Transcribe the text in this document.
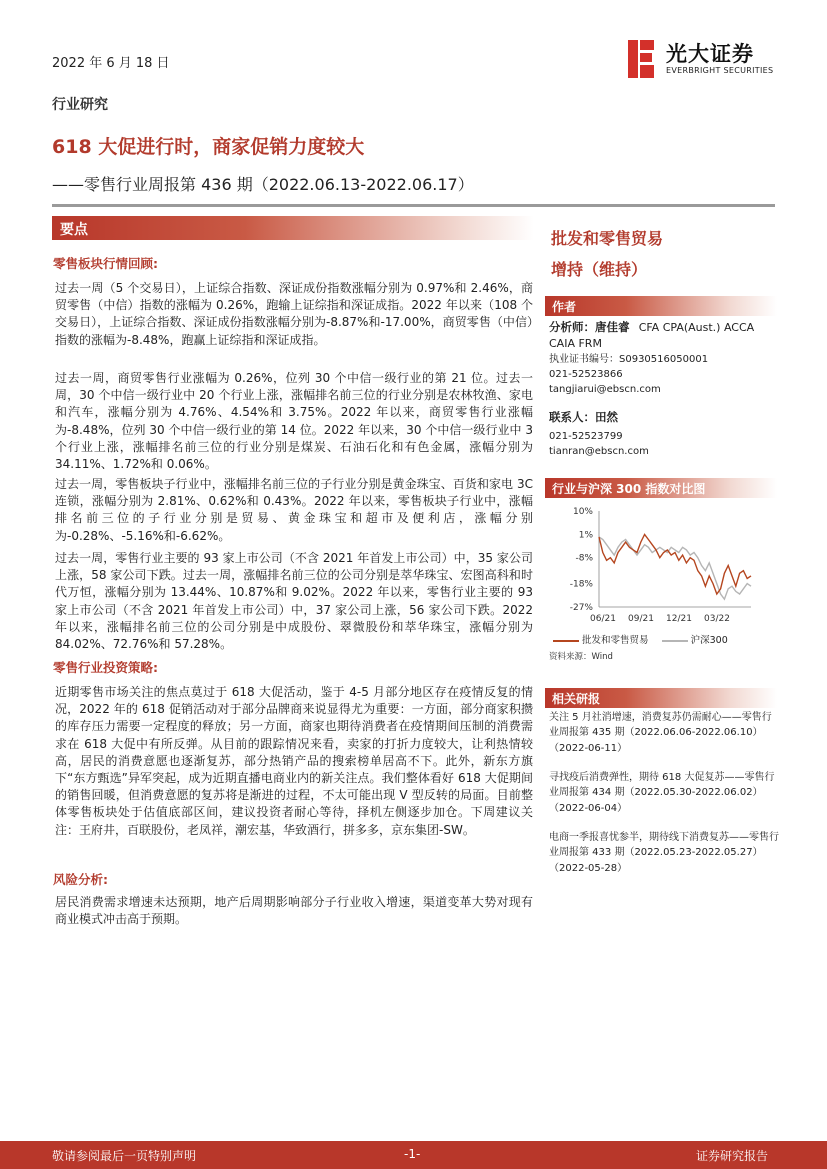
2022 年 6 月 18 日	光大证券
EVERBRIGHT SECURITIES
行业研究
618 大促进行时，商家促销力度较大
——零售行业周报第 436 期（2022.06.13-2022.06.17）
要点
零售板块行情回顾:

过去一周（5 个交易日），上证综合指数、深证成份指数涨幅分别为 0.97%和 2.46%，商贸零售（中信）指数的涨幅为 0.26%，跑输上证综指和深证成指。2022 年以来（108 个交易日），上证综合指数、深证成份指数涨幅分别为-8.87%和-17.00%，商贸零售（中信）指数的涨幅为-8.48%，跑赢上证综指和深证成指。

过去一周，商贸零售行业涨幅为 0.26%，位列 30 个中信一级行业的第 21 位。过去一周，30 个中信一级行业中 20 个行业上涨，涨幅排名前三位的行业分别是农林牧渔、家电和汽车，涨幅分别为 4.76%、4.54%和 3.75%。2022 年以来，商贸零售行业涨幅为-8.48%，位列 30 个中信一级行业的第 14 位。2022 年以来，30 个中信一级行业中 3 个行业上涨，涨幅排名前三位的行业分别是煤炭、石油石化和有色金属，涨幅分别为 34.11%、1.72%和 0.06%。

过去一周，零售板块子行业中，涨幅排名前三位的子行业分别是黄金珠宝、百货和家电 3C 连锁，涨幅分别为 2.81%、0.62%和 0.43%。2022 年以来，零售板块子行业中，涨幅排名前三位的子行业分别是贸易、黄金珠宝和超市及便利店，涨幅分别为-0.28%、-5.16%和-6.62%。

过去一周，零售行业主要的 93 家上市公司（不含 2021 年首发上市公司）中，35 家公司上涨，58 家公司下跌。过去一周，涨幅排名前三位的公司分别是萃华珠宝、宏图高科和时代万恒，涨幅分别为 13.44%、10.87%和 9.02%。2022 年以来，零售行业主要的 93 家上市公司（不含 2021 年首发上市公司）中，37 家公司上涨，56 家公司下跌。2022 年以来，涨幅排名前三位的公司分别是中成股份、翠微股份和萃华珠宝，涨幅分别为 84.02%、72.76%和 57.28%。

零售行业投资策略:

近期零售市场关注的焦点莫过于 618 大促活动，鉴于 4-5 月部分地区存在疫情反复的情况，2022 年的 618 促销活动对于部分品牌商来说显得尤为重要：一方面，部分商家积攒的库存压力需要一定程度的释放；另一方面，商家也期待消费者在疫情期间压制的消费需求在 618 大促中有所反弹。从目前的跟踪情况来看，卖家的打折力度较大，让利热情较高，居民的消费意愿也逐渐复苏，部分热销产品的搜索榜单居高不下。此外，新东方旗下“东方甄选”异军突起，成为近期直播电商业内的新关注点。我们整体看好 618 大促期间的销售回暖，但消费意愿的复苏将是渐进的过程，不太可能出现 V 型反转的局面。目前整体零售板块处于估值底部区间，建议投资者耐心等待，择机左侧逐步加仓。下周建议关注：王府井，百联股份，老凤祥，潮宏基，华致酒行，拼多多，京东集团-SW。

风险分析:

居民消费需求增速未达预期，地产后周期影响部分子行业收入增速，渠道变革大势对现有商业模式冲击高于预期。

批发和零售贸易
增持（维持）
作者
分析师：唐佳睿 CFA CPA(Aust.) ACCA
CAIA FRM
执业证书编号：S0930516050001
021-52523866
tangjiarui@ebscn.com
联系人：田然
021-52523799
tianran@ebscn.com
行业与沪深 300 指数对比图
10%
1%
-8%
-18%
-27%
06/21 09/21 12/21 03/22
批发和零售贸易	沪深300
资料来源：Wind
相关研报
关注 5 月社消增速，消费复苏仍需耐心——零售行业周报第 435 期（2022.06.06-2022.06.10）（2022-06-11）
寻找疫后消费弹性，期待 618 大促复苏——零售行业周报第 434 期（2022.05.30-2022.06.02）（2022-06-04）
电商一季报喜忧参半，期待线下消费复苏——零售行业周报第 433 期（2022.05.23-2022.05.27）（2022-05-28）
敬请参阅最后一页特别声明	-1-	证券研究报告
